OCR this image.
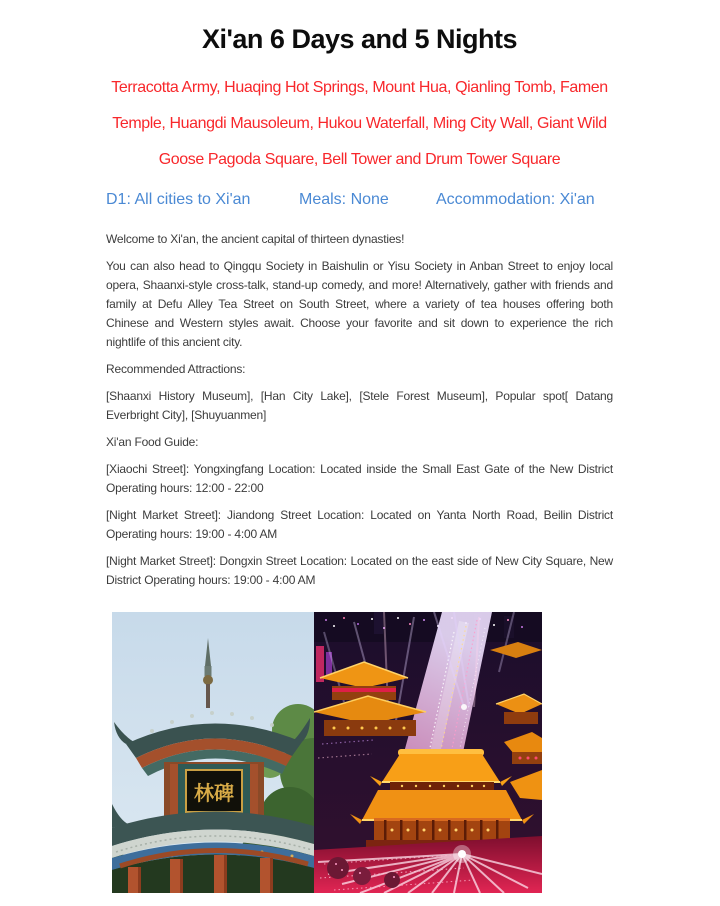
Xi'an 6 Days and 5 Nights

Terracotta Army, Huaqing Hot Springs, Mount Hua, Qianling Tomb, Famen Temple, Huangdi Mausoleum, Hukou Waterfall, Ming City Wall, Giant Wild Goose Pagoda Square, Bell Tower and Drum Tower Square

D1: All cities to Xi'an	Meals: None	Accommodation: Xi'an

Welcome to Xi'an, the ancient capital of thirteen dynasties!

You can also head to Qingqu Society in Baishulin or Yisu Society in Anban Street to enjoy local opera, Shaanxi-style cross-talk, stand-up comedy, and more! Alternatively, gather with friends and family at Defu Alley Tea Street on South Street, where a variety of tea houses offering both Chinese and Western styles await. Choose your favorite and sit down to experience the rich nightlife of this ancient city.

Recommended Attractions:

[Shaanxi History Museum], [Han City Lake], [Stele Forest Museum], Popular spot[ Datang Everbright City], [Shuyuanmen]

Xi'an Food Guide:

[Xiaochi Street]: Yongxingfang Location: Located inside the Small East Gate of the New District Operating hours: 12:00 - 22:00

[Night Market Street]: Jiandong Street Location: Located on Yanta North Road, Beilin District Operating hours: 19:00 - 4:00 AM

[Night Market Street]: Dongxin Street Location: Located on the east side of New City Square, New District Operating hours: 19:00 - 4:00 AM

林碑
